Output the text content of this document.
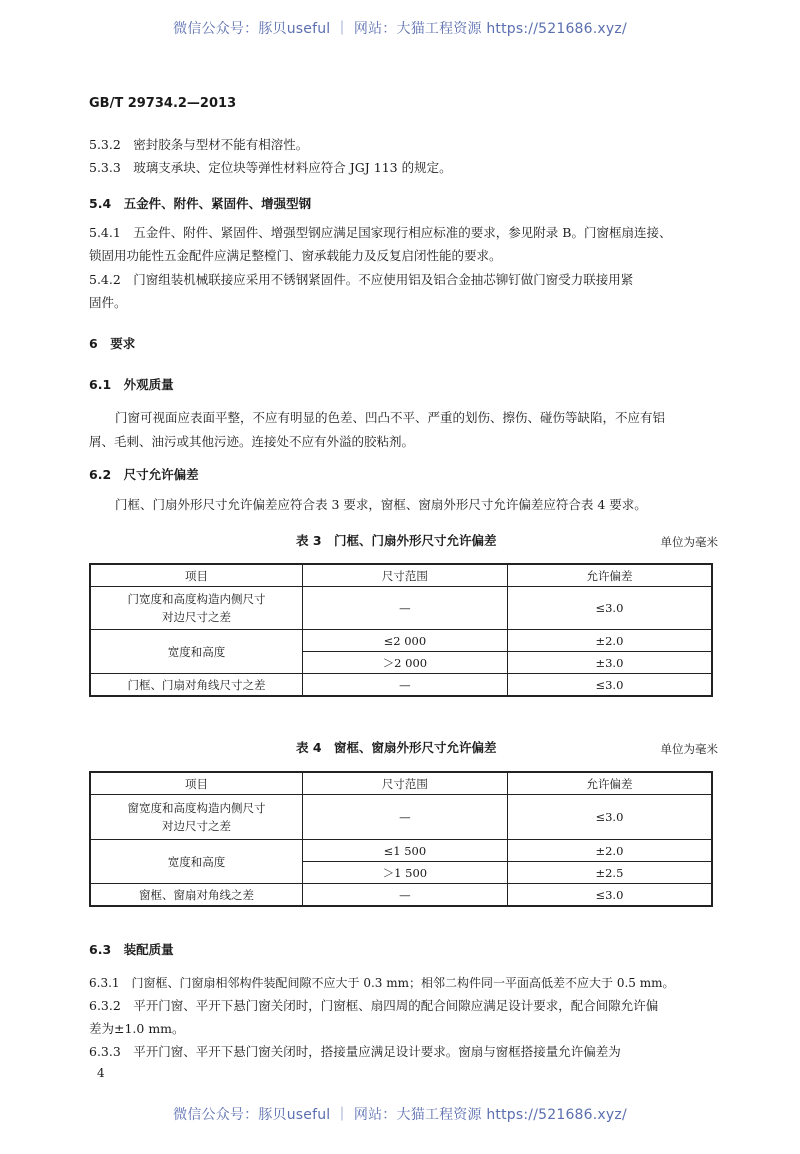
微信公众号：豚贝useful ｜ 网站：大猫工程资源 https://521686.xyz/
GB/T 29734.2—2013
5.3.2　密封胶条与型材不能有相溶性。
5.3.3　玻璃支承块、定位块等弹性材料应符合 JGJ 113 的规定。
5.4　五金件、附件、紧固件、增强型钢
5.4.1　五金件、附件、紧固件、增强型钢应满足国家现行相应标准的要求，参见附录 B。门窗框扇连接、
锁固用功能性五金配件应满足整樘门、窗承载能力及反复启闭性能的要求。
5.4.2　门窗组装机械联接应采用不锈钢紧固件。不应使用铝及铝合金抽芯铆钉做门窗受力联接用紧
固件。
6　要求
6.1　外观质量
门窗可视面应表面平整，不应有明显的色差、凹凸不平、严重的划伤、擦伤、碰伤等缺陷，不应有铝
屑、毛刺、油污或其他污迹。连接处不应有外溢的胶粘剂。
6.2　尺寸允许偏差
门框、门扇外形尺寸允许偏差应符合表 3 要求，窗框、窗扇外形尺寸允许偏差应符合表 4 要求。
表 3　门框、门扇外形尺寸允许偏差	单位为毫米
项目	尺寸范围	允许偏差

门宽度和高度构造内侧尺寸
对边尺寸之差	—	≤3.0
宽度和高度	≤2 000	±2.0
	＞2 000	±3.0
门框、门扇对角线尺寸之差	—	≤3.0
表 4　窗框、窗扇外形尺寸允许偏差	单位为毫米
项目	尺寸范围	允许偏差

窗宽度和高度构造内侧尺寸
对边尺寸之差	—	≤3.0
宽度和高度	≤1 500	±2.0
	＞1 500	±2.5
窗框、窗扇对角线之差	—	≤3.0
6.3　装配质量
6.3.1　门窗框、门窗扇相邻构件装配间隙不应大于 0.3 mm；相邻二构件同一平面高低差不应大于 0.5 mm。
6.3.2　平开门窗、平开下悬门窗关闭时，门窗框、扇四周的配合间隙应满足设计要求，配合间隙允许偏
差为±1.0 mm。
6.3.3　平开门窗、平开下悬门窗关闭时，搭接量应满足设计要求。窗扇与窗框搭接量允许偏差为
4
微信公众号：豚贝useful ｜ 网站：大猫工程资源 https://521686.xyz/
